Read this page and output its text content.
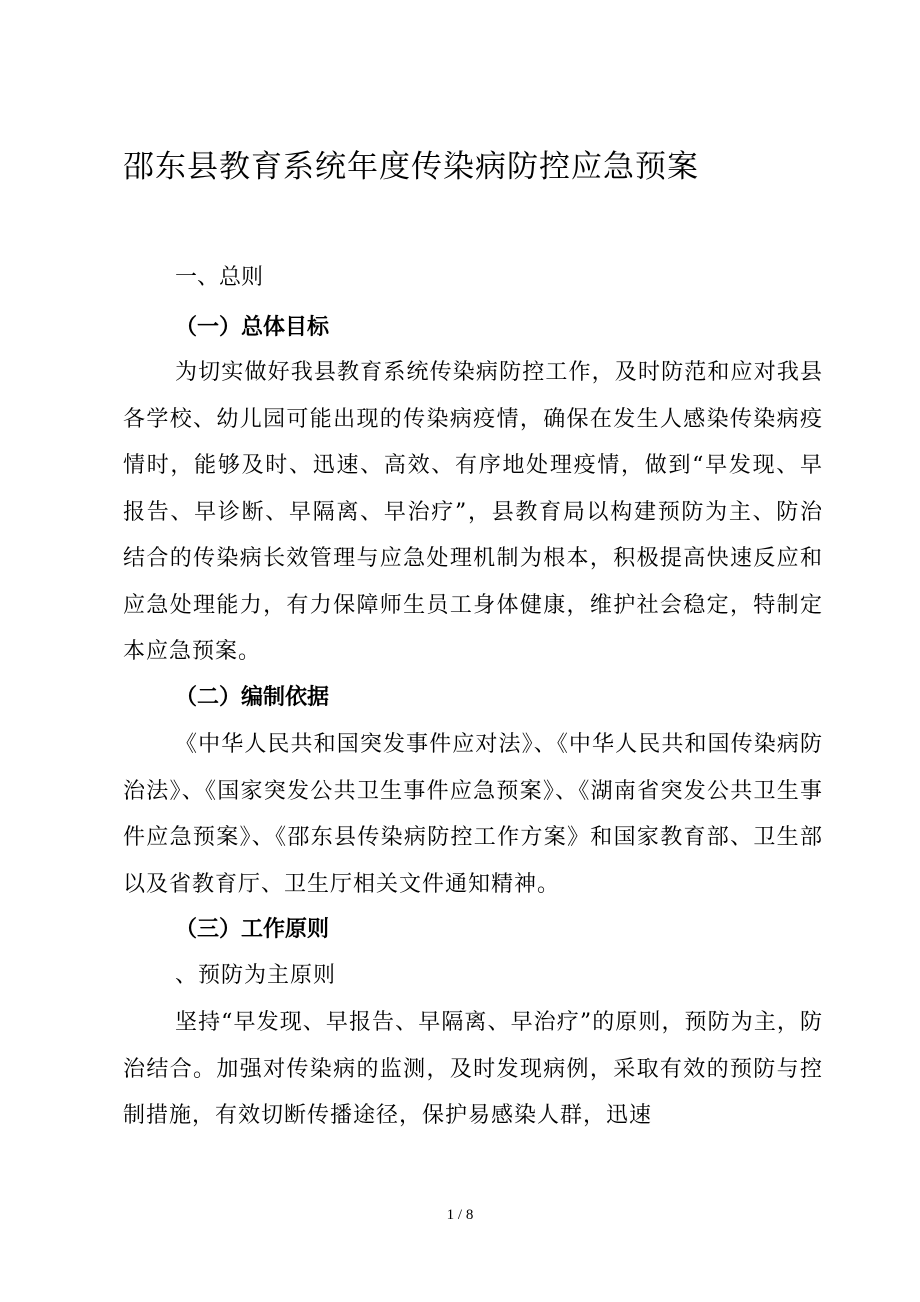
邵东县教育系统年度传染病防控应急预案
一、总则
（一）总体目标

为切实做好我县教育系统传染病防控工作，及时防范和应对我县各学校、幼儿园可能出现的传染病疫情，确保在发生人感染传染病疫情时，能够及时、迅速、高效、有序地处理疫情，做到“早发现、早报告、早诊断、早隔离、早治疗”，县教育局以构建预防为主、防治结合的传染病长效管理与应急处理机制为根本，积极提高快速反应和应急处理能力，有力保障师生员工身体健康，维护社会稳定，特制定本应急预案。

（二）编制依据

《中华人民共和国突发事件应对法》、《中华人民共和国传染病防治法》、《国家突发公共卫生事件应急预案》、《湖南省突发公共卫生事件应急预案》、《邵东县传染病防控工作方案》和国家教育部、卫生部以及省教育厅、卫生厅相关文件通知精神。

（三）工作原则
、预防为主原则

坚持“早发现、早报告、早隔离、早治疗”的原则，预防为主，防治结合。加强对传染病的监测，及时发现病例，采取有效的预防与控制措施，有效切断传播途径，保护易感染人群，迅速

1 / 8
